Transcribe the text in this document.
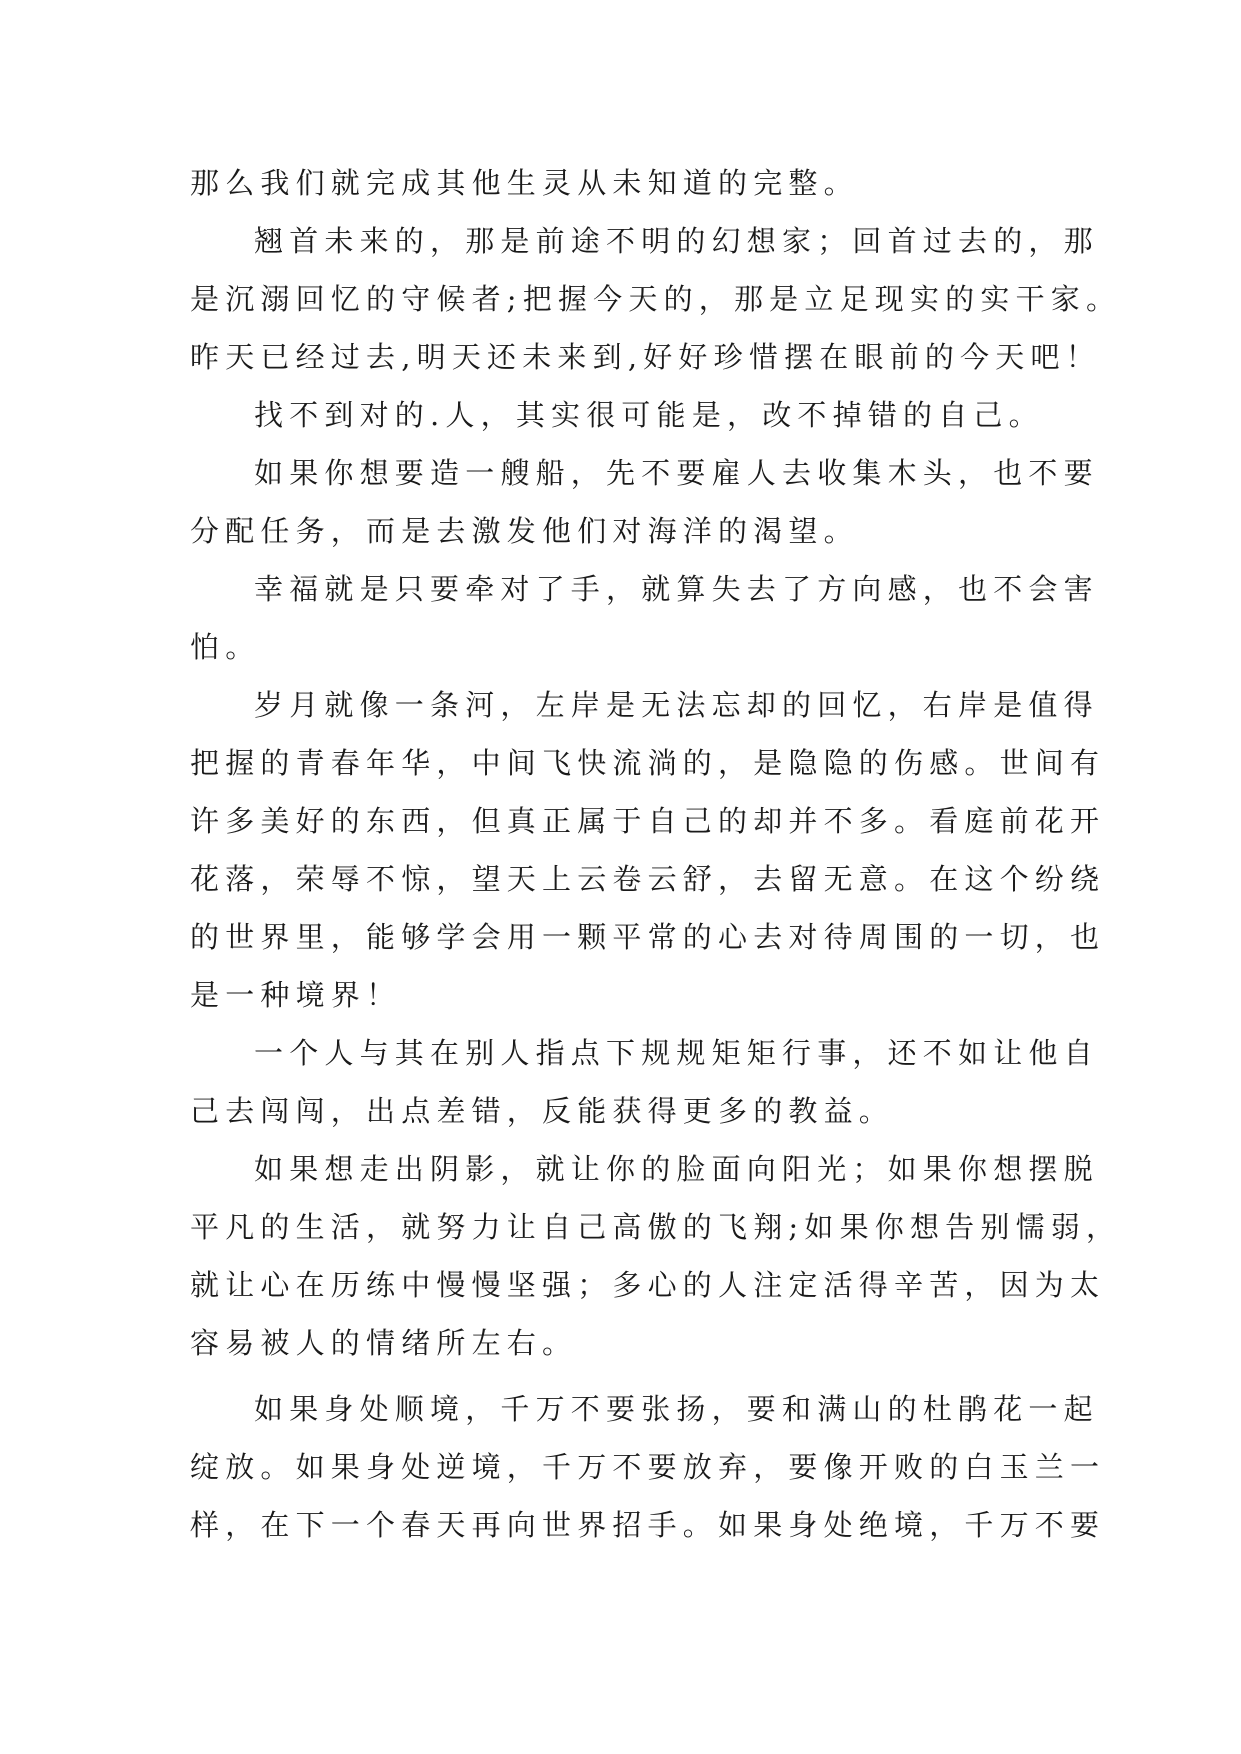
那么我们就完成其他生灵从未知道的完整。

翘首未来的，那是前途不明的幻想家；回首过去的，那
是沉溺回忆的守候者;把握今天的，那是立足现实的实干家。
昨天已经过去,明天还未来到,好好珍惜摆在眼前的今天吧！

找不到对的.人，其实很可能是，改不掉错的自己。

如果你想要造一艘船，先不要雇人去收集木头，也不要
分配任务，而是去激发他们对海洋的渴望。

幸福就是只要牵对了手，就算失去了方向感，也不会害
怕。

岁月就像一条河，左岸是无法忘却的回忆，右岸是值得
把握的青春年华，中间飞快流淌的，是隐隐的伤感。世间有
许多美好的东西，但真正属于自己的却并不多。看庭前花开
花落，荣辱不惊，望天上云卷云舒，去留无意。在这个纷绕
的世界里，能够学会用一颗平常的心去对待周围的一切，也
是一种境界！

一个人与其在别人指点下规规矩矩行事，还不如让他自
己去闯闯，出点差错，反能获得更多的教益。

如果想走出阴影，就让你的脸面向阳光；如果你想摆脱
平凡的生活，就努力让自己高傲的飞翔;如果你想告别懦弱，
就让心在历练中慢慢坚强；多心的人注定活得辛苦，因为太
容易被人的情绪所左右。

如果身处顺境，千万不要张扬，要和满山的杜鹃花一起
绽放。如果身处逆境，千万不要放弃，要像开败的白玉兰一
样，在下一个春天再向世界招手。如果身处绝境，千万不要
